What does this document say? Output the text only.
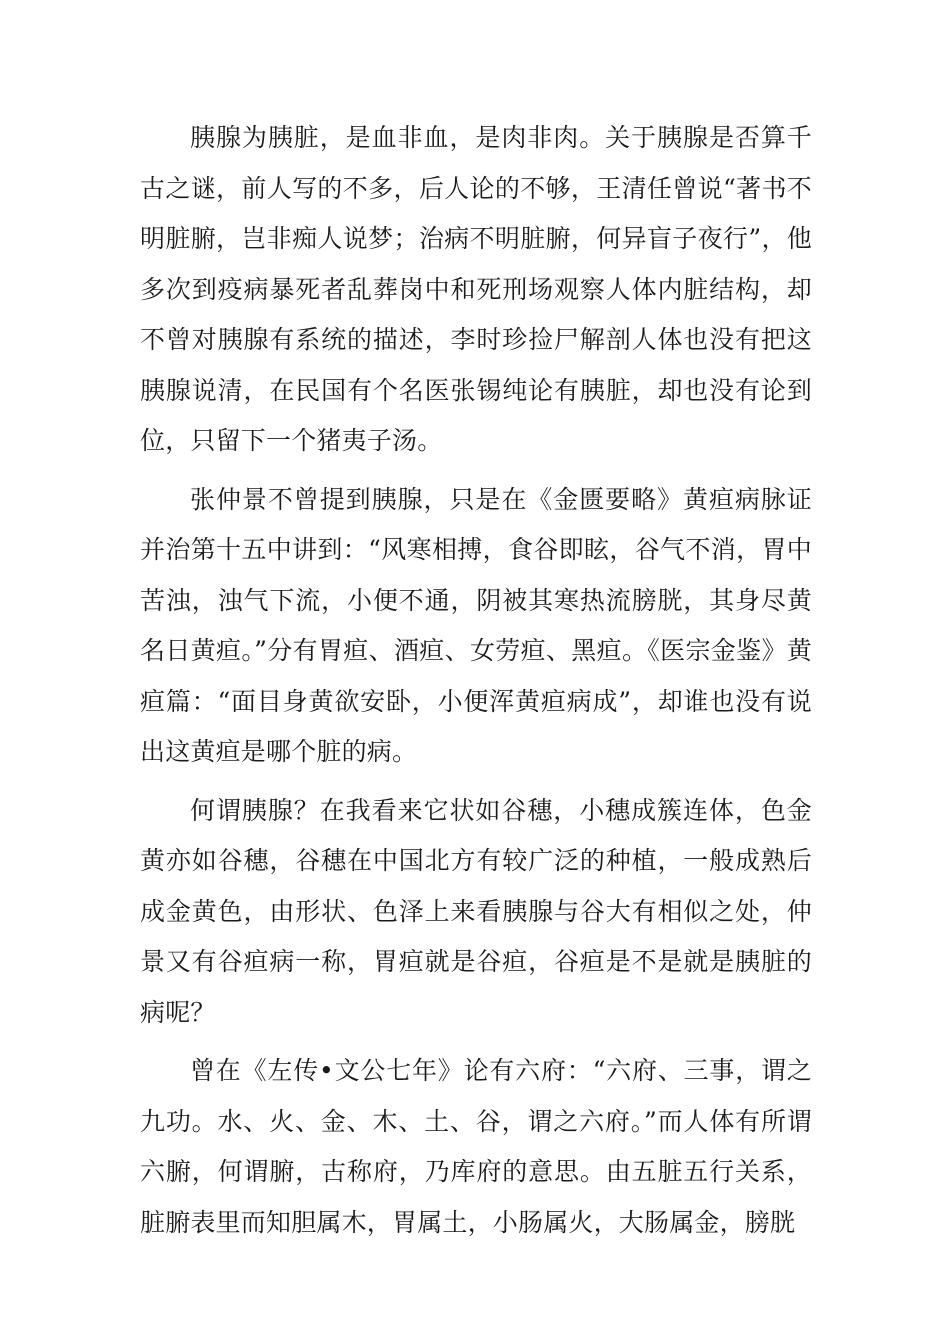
胰腺为胰脏，是血非血，是肉非肉。关于胰腺是否算千古之谜，前人写的不多，后人论的不够，王清任曾说“著书不明脏腑，岂非痴人说梦；治病不明脏腑，何异盲子夜行”，他多次到疫病暴死者乱葬岗中和死刑场观察人体内脏结构，却不曾对胰腺有系统的描述，李时珍捡尸解剖人体也没有把这胰腺说清，在民国有个名医张锡纯论有胰脏，却也没有论到位，只留下一个猪夷子汤。

张仲景不曾提到胰腺，只是在《金匮要略》黄疸病脉证并治第十五中讲到：“风寒相搏，食谷即眩，谷气不消，胃中苦浊，浊气下流，小便不通，阴被其寒热流膀胱，其身尽黄名日黄疸。”分有胃疸、酒疸、女劳疸、黑疸。《医宗金鉴》黄疸篇：“面目身黄欲安卧，小便浑黄疸病成”，却谁也没有说出这黄疸是哪个脏的病。

何谓胰腺？在我看来它状如谷穗，小穗成簇连体，色金黄亦如谷穗，谷穗在中国北方有较广泛的种植，一般成熟后成金黄色，由形状、色泽上来看胰腺与谷大有相似之处，仲景又有谷疸病一称，胃疸就是谷疸，谷疸是不是就是胰脏的病呢？

曾在《左传•文公七年》论有六府：“六府、三事，谓之九功。水、火、金、木、土、谷，谓之六府。”而人体有所谓六腑，何谓腑，古称府，乃库府的意思。由五脏五行关系，脏腑表里而知胆属木，胃属土，小肠属火，大肠属金，膀胱
